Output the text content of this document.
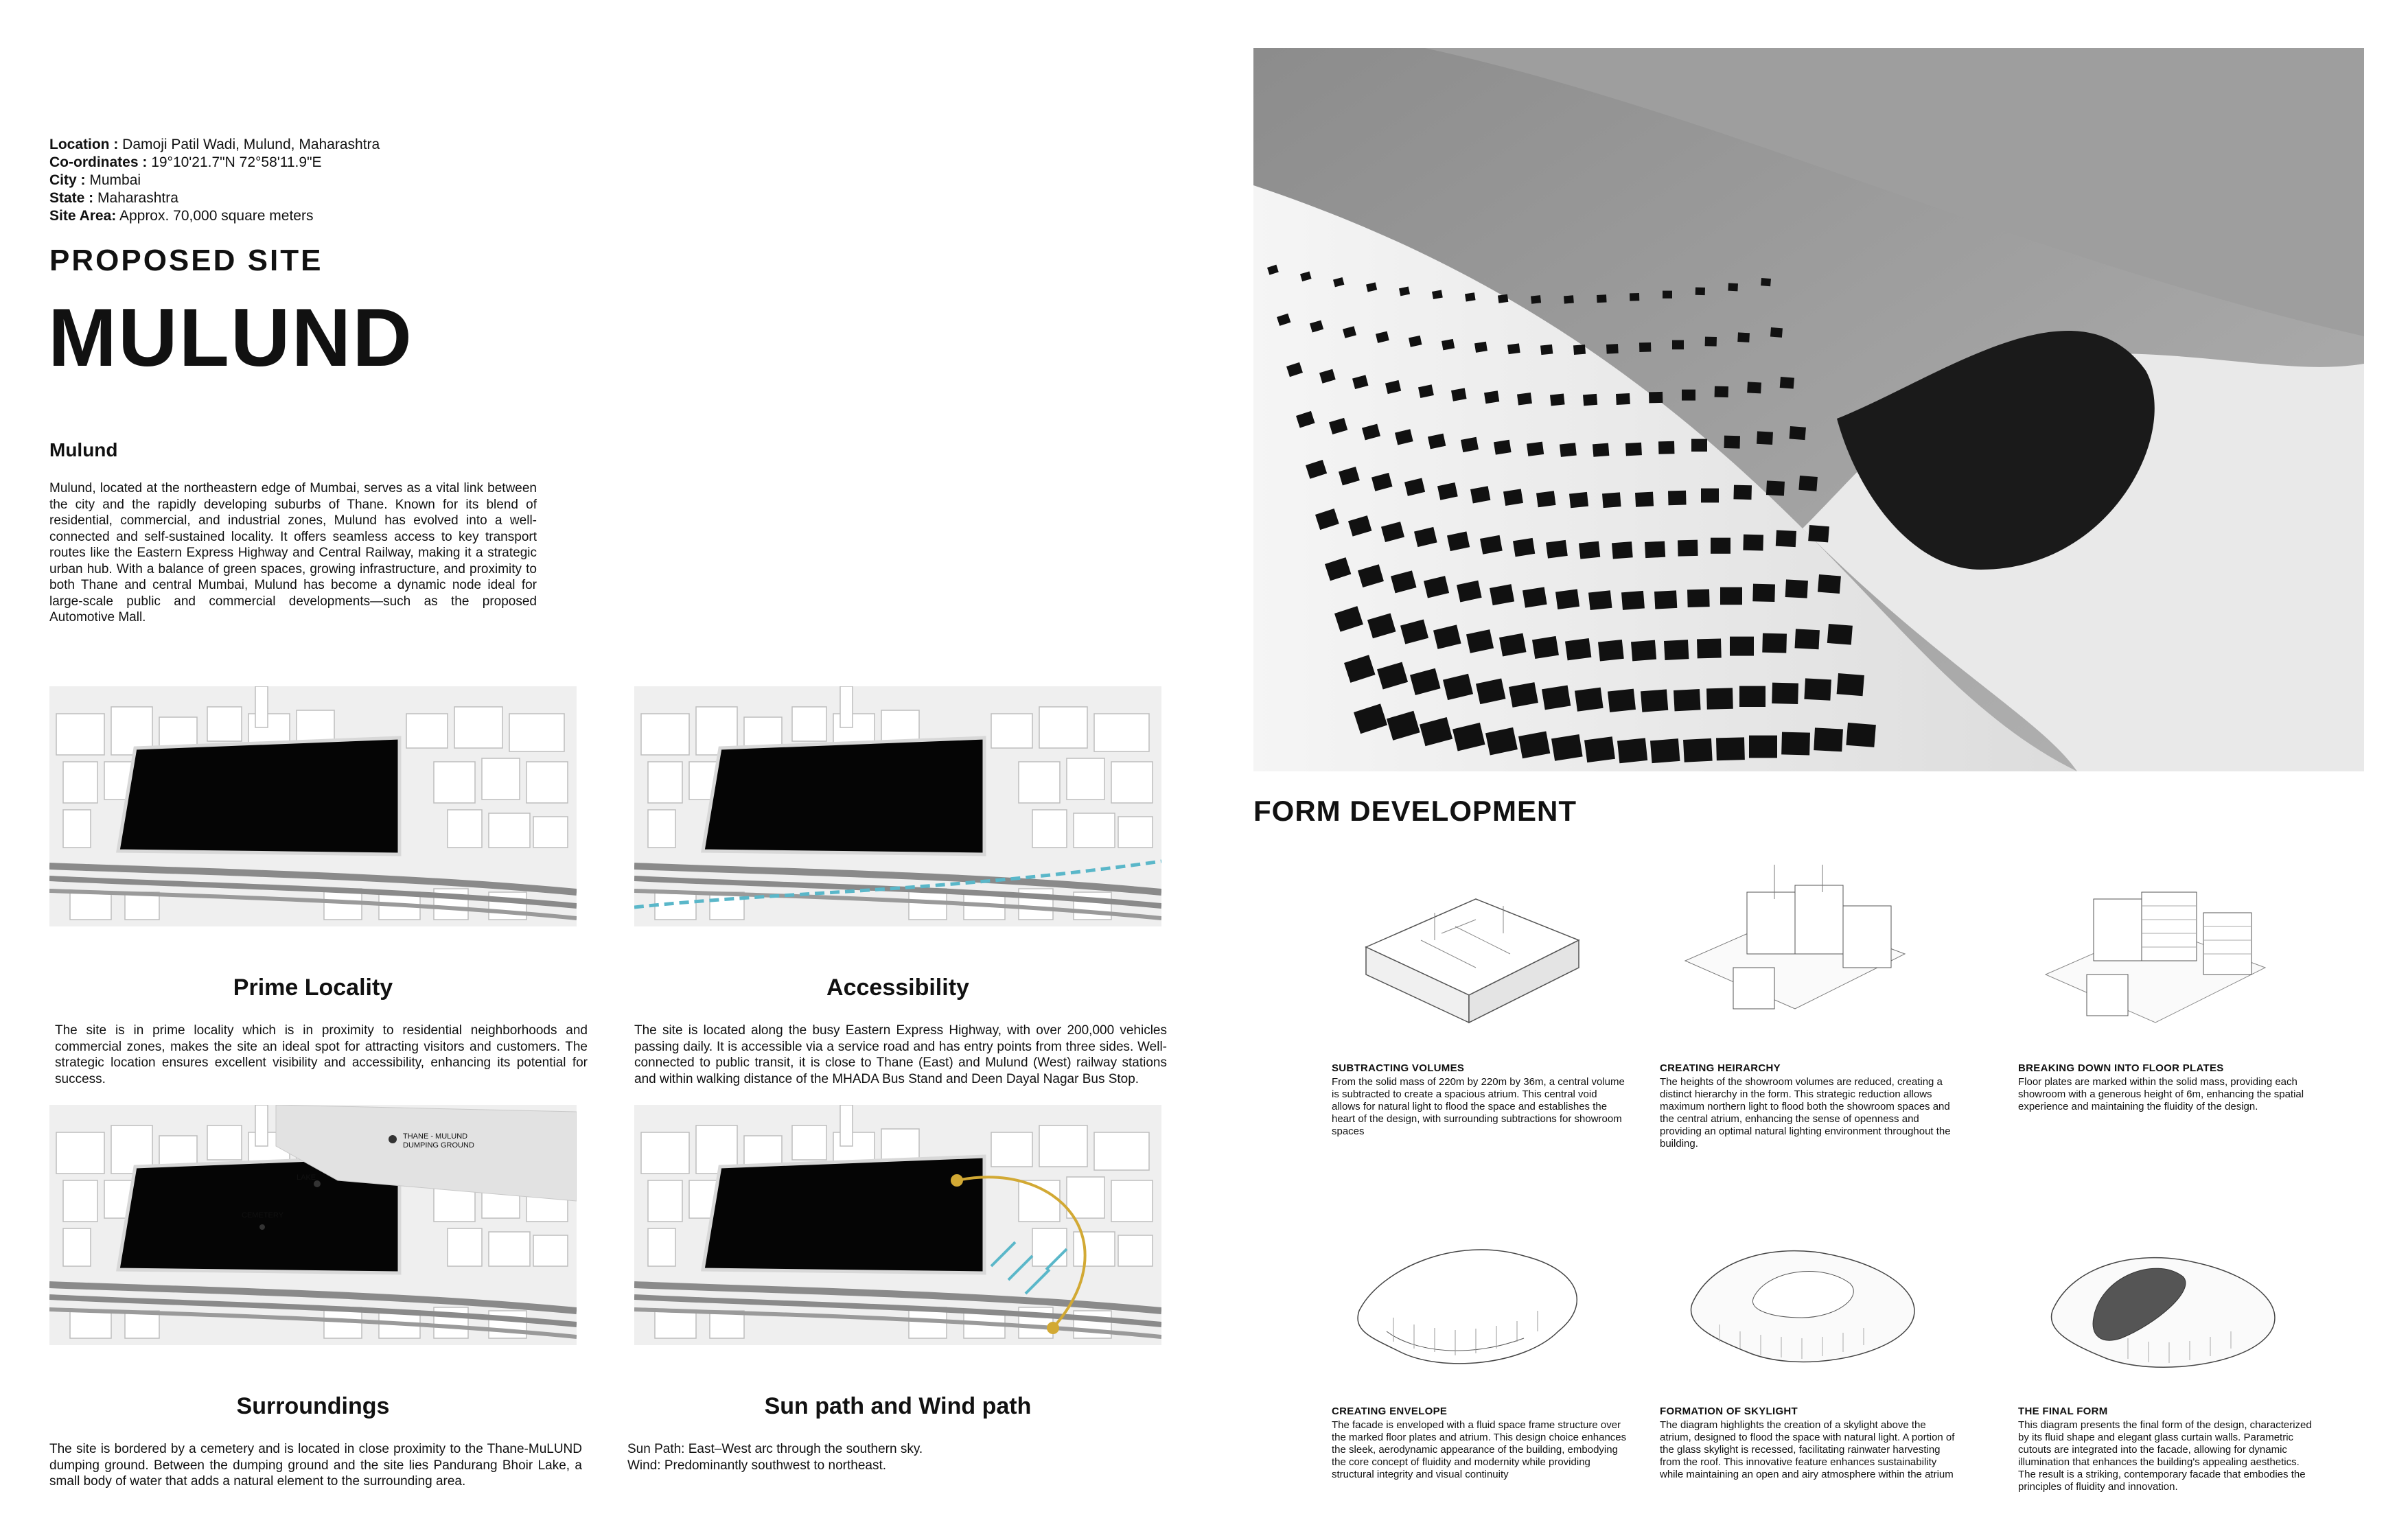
Location : Damoji Patil Wadi, Mulund, Maharashtra
Co-ordinates : 19°10'21.7"N 72°58'11.9"E
City : Mumbai
State : Maharashtra
Site Area: Approx. 70,000 square meters
PROPOSED SITE
MULUND
Mulund
Mulund, located at the northeastern edge of Mumbai, serves as a vital link between the city and the rapidly developing suburbs of Thane. Known for its blend of residential, commercial, and industrial zones, Mulund has evolved into a well-connected and self-sustained locality. It offers seamless access to key transport routes like the Eastern Express Highway and Central Railway, making it a strategic urban hub. With a balance of green spaces, growing infrastructure, and proximity to both Thane and central Mumbai, Mulund has become a dynamic node ideal for large-scale public and commercial developments—such as the proposed Automotive Mall.
Prime Locality
The site is in prime locality which is in proximity to residential neighborhoods and commercial zones, makes the site an ideal spot for attracting visitors and customers. The strategic location ensures excellent visibility and accessibility, enhancing its potential for success.
Accessibility
The site is located along the busy Eastern Express Highway, with over 200,000 vehicles passing daily. It is accessible via a service road and has entry points from three sides. Well-connected to public transit, it is close to Thane (East) and Mulund (West) railway stations and within walking distance of the MHADA Bus Stand and Deen Dayal Nagar Bus Stop.
THANE - MULUND
DUMPING GROUND
LAKE
CEMETERY
Surroundings
The site is bordered by a cemetery and is located in close proximity to the Thane-MuLUND dumping ground. Between the dumping ground and the site lies Pandurang Bhoir Lake, a small body of water that adds a natural element to the surrounding area.
Sun path and Wind path
Sun Path: East–West arc through the southern sky.
Wind: Predominantly southwest to northeast.
FORM DEVELOPMENT
SUBTRACTING VOLUMES
From the solid mass of 220m by 220m by 36m, a central volume is subtracted to create a spacious atrium. This central void allows for natural light to flood the space and establishes the heart of the design, with surrounding subtractions for showroom spaces
CREATING HEIRARCHY
The heights of the showroom volumes are reduced, creating a distinct hierarchy in the form. This strategic reduction allows maximum northern light to flood both the showroom spaces and the central atrium, enhancing the sense of openness and providing an optimal natural lighting environment throughout the building.
BREAKING DOWN INTO FLOOR PLATES
Floor plates are marked within the solid mass, providing each showroom with a generous height of 6m, enhancing the spatial experience and maintaining the fluidity of the design.
CREATING ENVELOPE
The facade is enveloped with a fluid space frame structure over the marked floor plates and atrium. This design choice enhances the sleek, aerodynamic appearance of the building, embodying the core concept of fluidity and modernity while providing structural integrity and visual continuity
FORMATION OF SKYLIGHT
The diagram highlights the creation of a skylight above the atrium, designed to flood the space with natural light. A portion of the glass skylight is recessed, facilitating rainwater harvesting from the roof. This innovative feature enhances sustainability while maintaining an open and airy atmosphere within the atrium
THE FINAL FORM
This diagram presents the final form of the design, characterized by its fluid shape and elegant glass curtain walls. Parametric cutouts are integrated into the facade, allowing for dynamic illumination that enhances the building's appealing aesthetics. The result is a striking, contemporary facade that embodies the principles of fluidity and innovation.
